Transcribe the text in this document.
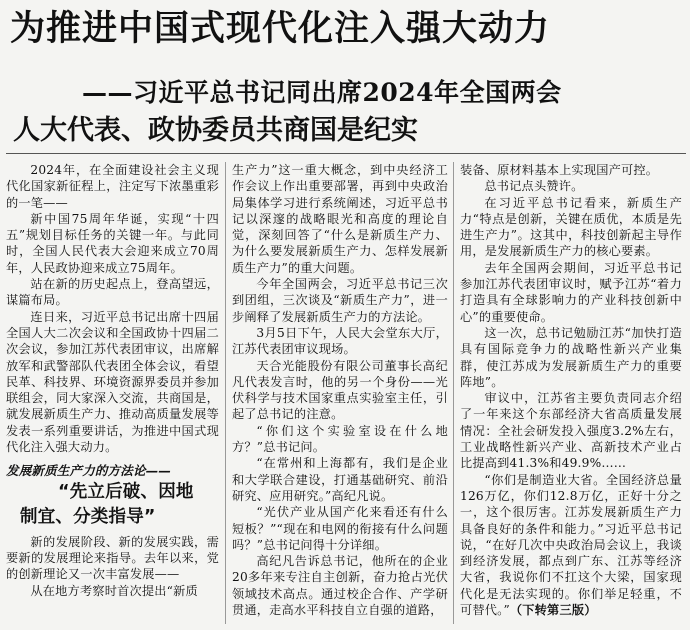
为推进中国式现代化注入强大动力
——习近平总书记同出席2024年全国两会
人大代表、政协委员共商国是纪实

2024年，在全面建设社会主义现代化国家新征程上，注定写下浓墨重彩的一笔——

新中国75周年华诞，实现“十四五”规划目标任务的关键一年。与此同时，全国人民代表大会迎来成立70周年，人民政协迎来成立75周年。

站在新的历史起点上，登高望远，谋篇布局。

连日来，习近平总书记出席十四届全国人大二次会议和全国政协十四届二次会议，参加江苏代表团审议，出席解放军和武警部队代表团全体会议，看望民革、科技界、环境资源界委员并参加联组会，同大家深入交流，共商国是，就发展新质生产力、推动高质量发展等发表一系列重要讲话，为推进中国式现代化注入强大动力。

发展新质生产力的方法论——
“先立后破、因地
制宜、分类指导”

新的发展阶段、新的发展实践，需要新的发展理论来指导。去年以来，党的创新理论又一次丰富发展——

从在地方考察时首次提出“新质

生产力”这一重大概念，到中央经济工作会议上作出重要部署，再到中央政治局集体学习进行系统阐述，习近平总书记以深邃的战略眼光和高度的理论自觉，深刻回答了“什么是新质生产力、为什么要发展新质生产力、怎样发展新质生产力”的重大问题。

今年全国两会，习近平总书记三次到团组，三次谈及“新质生产力”，进一步阐释了发展新质生产力的方法论。

3月5日下午，人民大会堂东大厅，江苏代表团审议现场。

天合光能股份有限公司董事长高纪凡代表发言时，他的另一个身份——光伏科学与技术国家重点实验室主任，引起了总书记的注意。

“你们这个实验室设在什么地方？”总书记问。

“在常州和上海都有，我们是企业和大学联合建设，打通基础研究、前沿研究、应用研究。”高纪凡说。

“光伏产业从国产化来看还有什么短板？”“现在和电网的衔接有什么问题吗？”总书记问得十分详细。

高纪凡告诉总书记，他所在的企业20多年来专注自主创新，奋力抢占光伏领域技术高点。通过校企合作、产学研贯通，走高水平科技自立自强的道路，

装备、原材料基本上实现国产可控。

总书记点头赞许。

在习近平总书记看来，新质生产力“特点是创新，关键在质优，本质是先进生产力”。这其中，科技创新起主导作用，是发展新质生产力的核心要素。

去年全国两会期间，习近平总书记参加江苏代表团审议时，赋予江苏“着力打造具有全球影响力的产业科技创新中心”的重要使命。

这一次，总书记勉励江苏“加快打造具有国际竞争力的战略性新兴产业集群，使江苏成为发展新质生产力的重要阵地”。

审议中，江苏省主要负责同志介绍了一年来这个东部经济大省高质量发展情况：全社会研发投入强度3.2%左右，工业战略性新兴产业、高新技术产业占比提高到41.3%和49.9%……

“你们是制造业大省。全国经济总量126万亿，你们12.8万亿，正好十分之一，这个很厉害。江苏发展新质生产力具备良好的条件和能力。”习近平总书记说，“在好几次中央政治局会议上，我谈到经济发展，都点到广东、江苏等经济大省，我说你们不扛这个大梁，国家现代化是无法实现的。你们举足轻重，不可替代。”（下转第三版）
